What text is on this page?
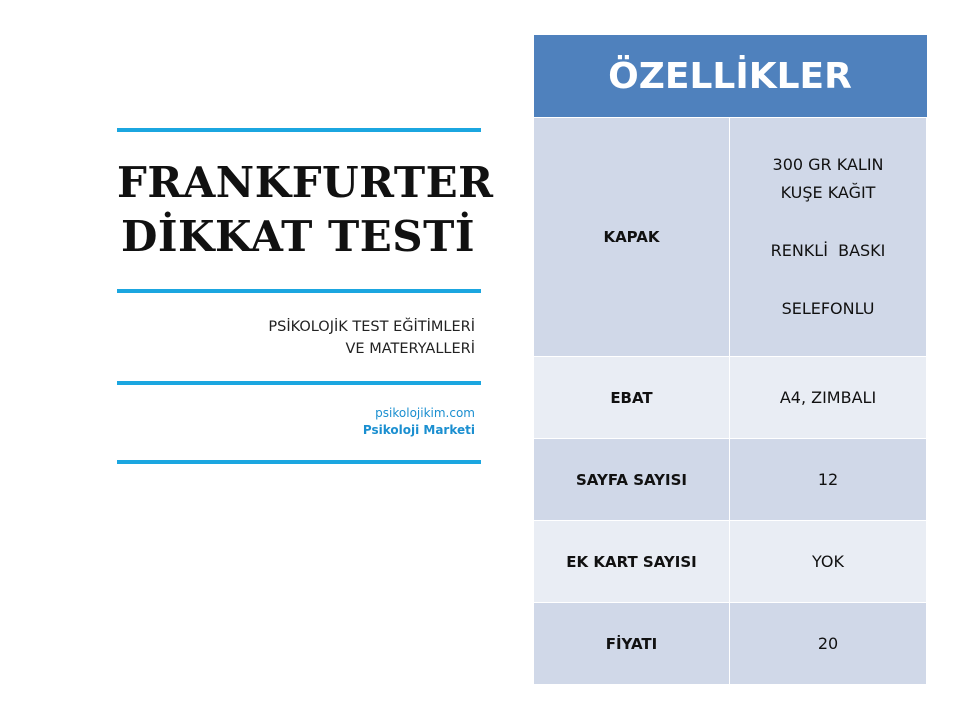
FRANKFURTER
DİKKAT TESTİ
PSİKOLOJİK TEST EĞİTİMLERİ
VE MATERYALLERİ
psikolojikim.com
Psikoloji Marketi
ÖZELLİKLER	
KAPAK	300 GR KALIN
KUŞE KAĞIT
RENKLİ  BASKI
SELEFONLU

EBAT	A4, ZIMBALI
SAYFA SAYISI	12
EK KART SAYISI	YOK
FİYATI	20
